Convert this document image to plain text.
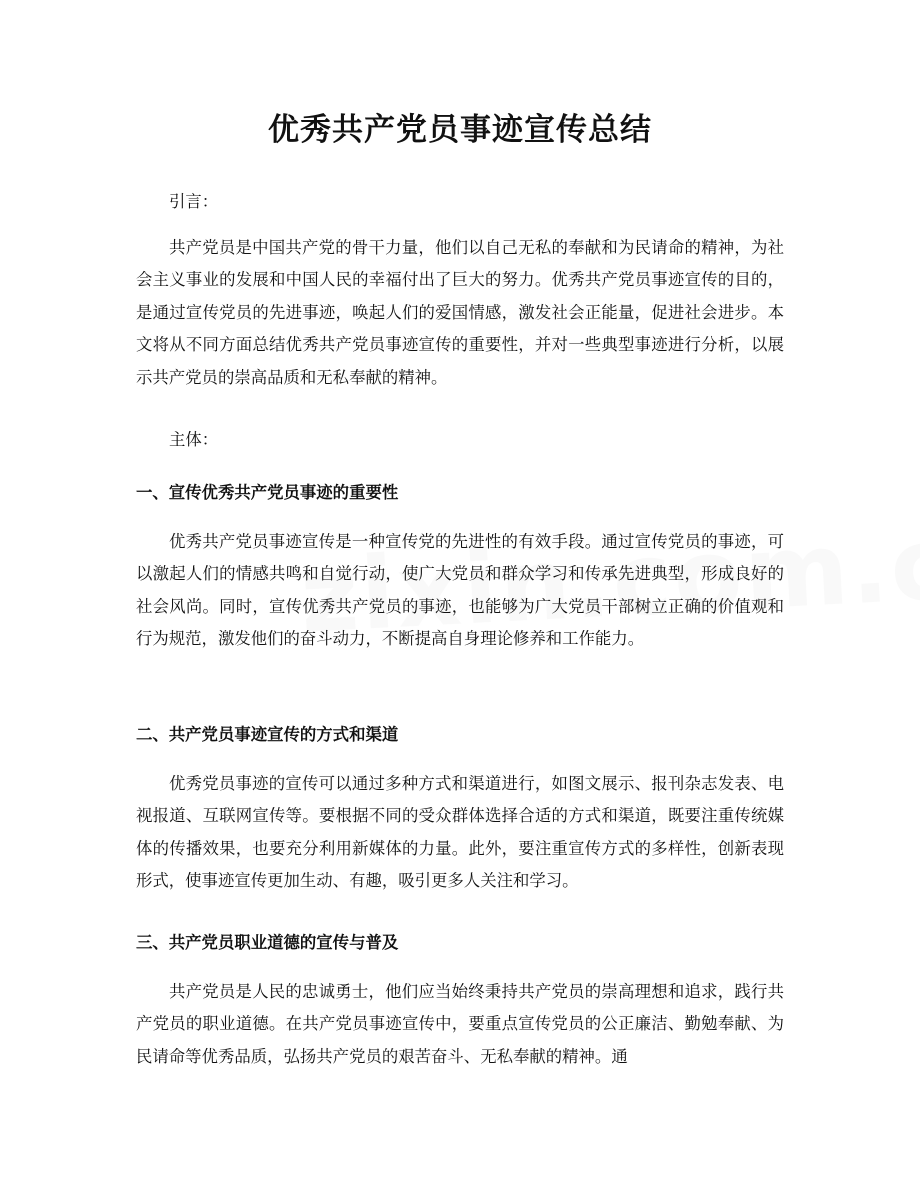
优秀共产党员事迹宣传总结

引言：

共产党员是中国共产党的骨干力量，他们以自己无私的奉献和为民请命的精神，为社会主义事业的发展和中国人民的幸福付出了巨大的努力。优秀共产党员事迹宣传的目的，是通过宣传党员的先进事迹，唤起人们的爱国情感，激发社会正能量，促进社会进步。本文将从不同方面总结优秀共产党员事迹宣传的重要性，并对一些典型事迹进行分析，以展示共产党员的崇高品质和无私奉献的精神。

主体：

一、宣传优秀共产党员事迹的重要性

优秀共产党员事迹宣传是一种宣传党的先进性的有效手段。通过宣传党员的事迹，可以激起人们的情感共鸣和自觉行动，使广大党员和群众学习和传承先进典型，形成良好的社会风尚。同时，宣传优秀共产党员的事迹，也能够为广大党员干部树立正确的价值观和行为规范，激发他们的奋斗动力，不断提高自身理论修养和工作能力。

二、共产党员事迹宣传的方式和渠道

优秀党员事迹的宣传可以通过多种方式和渠道进行，如图文展示、报刊杂志发表、电视报道、互联网宣传等。要根据不同的受众群体选择合适的方式和渠道，既要注重传统媒体的传播效果，也要充分利用新媒体的力量。此外，要注重宣传方式的多样性，创新表现形式，使事迹宣传更加生动、有趣，吸引更多人关注和学习。

三、共产党员职业道德的宣传与普及

共产党员是人民的忠诚勇士，他们应当始终秉持共产党员的崇高理想和追求，践行共产党员的职业道德。在共产党员事迹宣传中，要重点宣传党员的公正廉洁、勤勉奉献、为民请命等优秀品质，弘扬共产党员的艰苦奋斗、无私奉献的精神。通
